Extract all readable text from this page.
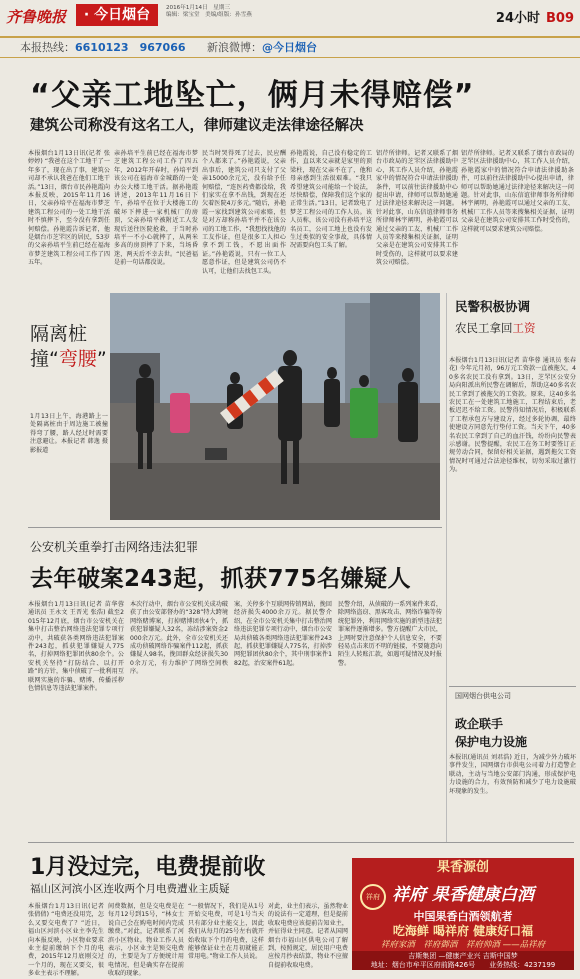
齐鲁晚报	· 今日烟台	2016年1月14日　星期三
编辑：梁宝堂　美编/组版：孙雪燕	24小时 B09
本报热线：6610123　967066 新浪微博：@今日烟台
“父亲工地坠亡，俩月未得赔偿”
建筑公司称没有这名工人，律师建议走法律途径解决
本报烟台1月13日讯(记者 张婷婷) “我爸在这个工地干了一年多了，现在出了事，建筑公司却不承认我爸在他们工地干活。”13日，烟台市民孙艳霞向本报反映，2015年11月16日，父亲孙培平在福海市梦芝建筑工程公司的一处工地干活时不慎摔下，至今没有拿到任何赔偿。孙艳霞告诉记者，他是烟台市芝罘区的居民，53岁的父亲孙培平生前已经在福海市梦芝建筑工程公司工作了四五年。
亲孙培平生前已经在福海市梦芝建筑工程公司工作了四五年，2012年开春时，孙培平到该公司在福海市金城路的一处办公大楼工地干活。据孙艳霞讲述，2013年11月16日下午，孙培平在位于大楼施工的破坏下摔进一家机械厂的房顶，父亲孙培平被附近工人发现后送往医院抢救，于当时孙培平一不小心就摔了，从两米多高的房顶摔了下来，当场昏迷，两天后不幸去世。“民爸福是前一句话都没说。
民当时哭得死了过去，民应酬个人都来了。”孙艳霞说，父亲出事后，建筑公司只支付了父亲15000余元元，没有给予任何赔偿，“连医药费都没给，我们家实在拿不出钱，到现在还欠着医院4万多元。”随后，孙艳霞一家找到建筑公司索赔，但是对方却称孙培平并不在该公司的工地工作，“我想找找他的工友作证，但是很多工人担心拿不到工钱，不愿出面作证。”孙艳霞说，只有一位工人愿意作证，但是建筑公司仍不认可，让他们去找包工头。
孙艳霞说，自己没有稳定的工作，直以来父亲就是家里的顶梁柱，现在父亲不在了，他和母亲感到生活很艰难。“我只希望建筑公司能给一个说法，尽快赔偿，保障我们这个家的正常生活。”13日，记者致电了梦芝工程公司的工作人员。该人员称，该公司没有孙培平这名员工，公司工地上也没有发生过类似的安全事故，具体情况需要向包工头了解。
铝芹所律师。记者又联系了烟台市政局的芝罘区法律援助中心，其工作人员介绍，孙艳霞家中的情况符合申请法律援助条件，可以前往法律援助中心提出申请，律师可以帮助她通过法律途径来解决这一问题。针对此事，山东信谊律师事务所律师林宇阐明，孙艳霞可以通过父亲的工友、机械厂工作人员等来搜集相关证据，证明父亲是在建筑公司安排其工作时受伤的，这样就可以要求建筑公司赔偿。
铝芹所律师。记者又联系了烟台市政局的芝罘区法律援助中心，其工作人员介绍，孙艳霞家中的情况符合申请法律援助条件，可以前往法律援助中心提出申请，律师可以帮助她通过法律途径来解决这一问题。针对此事，山东信谊律师事务所律师林宇阐明，孙艳霞可以通过父亲的工友、机械厂工作人员等来搜集相关证据，证明父亲是在建筑公司安排其工作时受伤的，这样就可以要求建筑公司赔偿。
隔离桩
撞“弯腰”
1月13日上午，海港路上一处隔离桩由于周边施工被撞得弯了腰，路人经过时需要注意避让。本报记者 韩逸 摄影报道
民警积极协调
农民工拿回工资
本报烟台1月13日讯(记者 苗华蓉 通讯员 张春花) 今年元月初，96万元工资款一直被拖欠，40多名农民工没有拿到。13日，芝罘区公安分局向阳派出所民警在调解后，帮助这40多名农民工拿到了被拖欠的工资款。原来，这40多名农民工在一处建筑工地施工，工程结束后，老板迟迟不给工资。民警得知情况后，积极联系了工程承包方与建设方，经过多轮协调，最终使建设方同意先行垫付工资。当天下午，40多名农民工拿到了自己的血汗钱，纷纷向民警表示感谢。民警提醒，农民工在务工时要签订正规劳动合同，保留好相关证据，遇到拖欠工资情况时可通过合法途径维权，切勿采取过激行为。
国网烟台供电公司
政企联手
保护电力设施
本报讯(通讯员 刘君浩) 近日，为减少外力破坏事件发生，国网烟台市供电公司着力打造警企联动，主动与当地公安部门沟通，形成保护电力设施的合力，有效预防和减少了电力设施破坏现象的发生。
公安机关重拳打击网络违法犯罪
去年破案243起，抓获775名嫌疑人
本报烟台1月13日讯(记者 苗华蓉 通讯员 王永文 王晋光 张浩) 截至2015年12月底，烟台市公安机关在集中打击整治网络违法犯罪专项行动中，共破获各类网络违法犯罪案件243起，抓获犯罪嫌疑人775名，打掉网络犯罪团伙80余个。公安机关坚持“打防结合、以打开路”的方针，集中侦破了一批利用互联网实施的诈骗、赌博、传播淫秽色情信息等违法犯罪案件。
本次行动中，烟台市公安机关成功破获了由公安部督办的“328”特大跨境网络赌博案，打掉赌博团伙4个，抓获犯罪嫌疑人32名，冻结涉案资金2000余万元。此外，全市公安机关还成功侦破网络诈骗案件112起，抓获嫌疑人98名，挽回群众经济损失300余万元，有力维护了网络空间秩序。
案，关停多个互联网传销网站，挽回经济损失4000余万元。据民警介绍，在全市公安机关集中打击整治网络违法犯罪专项行动中，烟台市公安局共侦破各类网络违法犯罪案件243起，抓获犯罪嫌疑人775名，打掉涉网犯罪团伙80余个，其中刑事案件182起，治安案件61起。
民警介绍，从侦破的一系列案件来看，除网络盗窃、黑客攻击、网络诈骗等传统犯罪外，利用网络实施的新型违法犯罪案件逐渐增多。警方提醒广大市民，上网时要注意保护个人信息安全，不要轻易点击来历不明的链接，不要随意向陌生人转账汇款，如遇可疑情况及时报警。
1月没过完，电费提前收
福山区河滨小区连收两个月电费遭业主质疑
本报烟台1月13日讯(记者 张倩倩) “电费还没用完，怎么又要交电费了？”近日，福山区河滨小区业主李先生向本报反映，小区物业要求业主提前缴纳下个月的电费，2015年12月底刚交过一个月的，现在又要交，很多业主表示不理解。
间费数据，但是交电费是在每月12号到15号，“林女士说自己会在购电时间内完成缴费。”对此，记者联系了河滨小区物业。物业工作人员表示，小区业主是预交电费的，主要是为了方便统计用电情况，但是确实存在提前收取的现象。
“一般情况下，我们是从1号开始交电费，可是1号当天只有部分业主能交上，因此我们从每月的25号左右就开始收取下个月的电费，这样能够保证业主在月初就能正常用电。”物业工作人员说。
对此，业主们表示，虽然物业的说法有一定道理，但是提前收取电费应该提前告知业主，并征得业主同意。记者从国网烟台市福山区供电公司了解到，按照规定，居民用户电费应按月抄表结算，物业不应擅自提前收取电费。
果香源创
祥府 祥府 果香健康白酒
中国果香白酒领航者
吃海鲜 喝祥府 健康好口福
祥府家酒　祥府御酒　祥府帅酒 ——品祥府
吉斯集团 —健康产业兴 吉斯中国梦
地址：烟台市牟平区府前路426号　　业务热线：4237199
